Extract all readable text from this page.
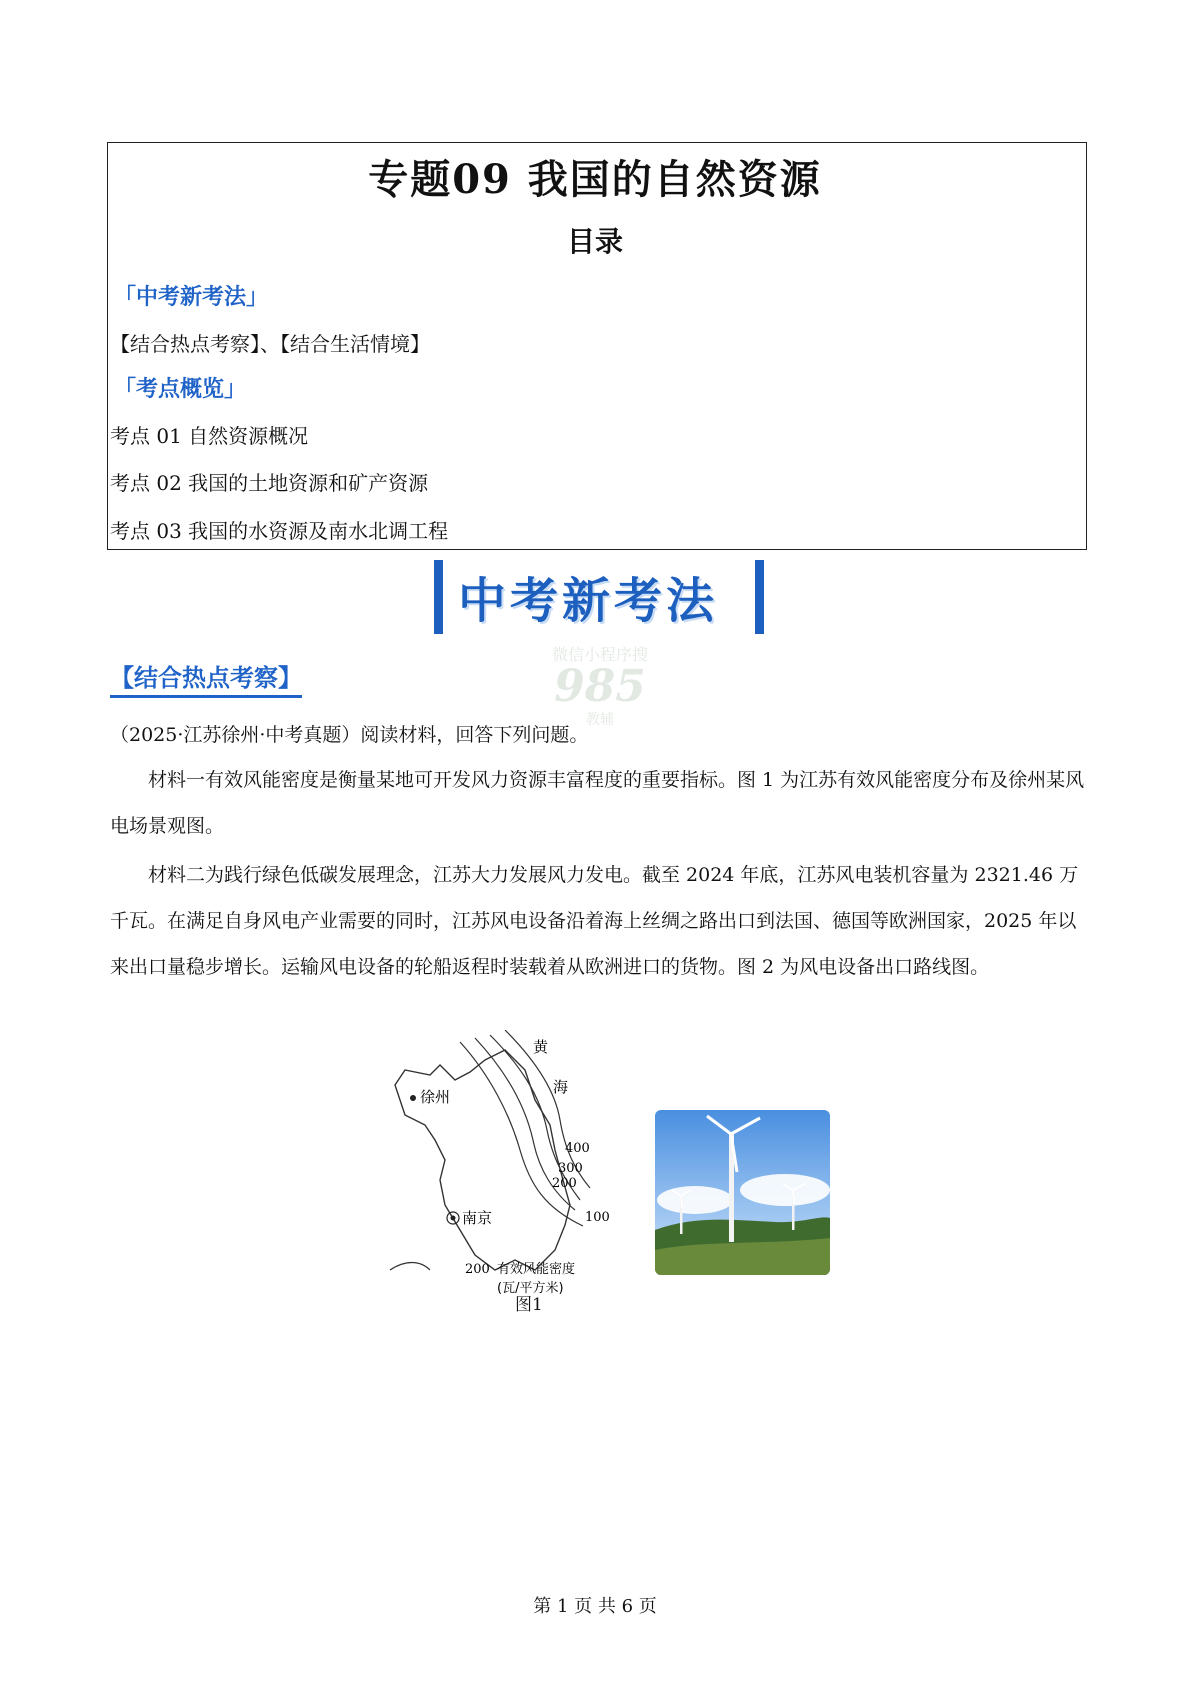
专题09 我国的自然资源
目录
「中考新考法」
【结合热点考察】、【结合生活情境】
「考点概览」
考点 01 自然资源概况
考点 02 我国的土地资源和矿产资源
考点 03 我国的水资源及南水北调工程
中考新考法
微信小程序搜
985
教辅
【结合热点考察】
（2025·江苏徐州·中考真题）阅读材料，回答下列问题。
材料一有效风能密度是衡量某地可开发风力资源丰富程度的重要指标。图 1 为江苏有效风能密度分布及徐州某风电场景观图。
材料二为践行绿色低碳发展理念，江苏大力发展风力发电。截至 2024 年底，江苏风电装机容量为 2321.46 万千瓦。在满足自身风电产业需要的同时，江苏风电设备沿着海上丝绸之路出口到法国、德国等欧洲国家，2025 年以来出口量稳步增长。运输风电设备的轮船返程时装载着从欧洲进口的货物。图 2 为风电设备出口路线图。
黄
海
徐州
南京
400
300
200
100
200 有效风能密度
(瓦/平方米)
图1
第 1 页 共 6 页
